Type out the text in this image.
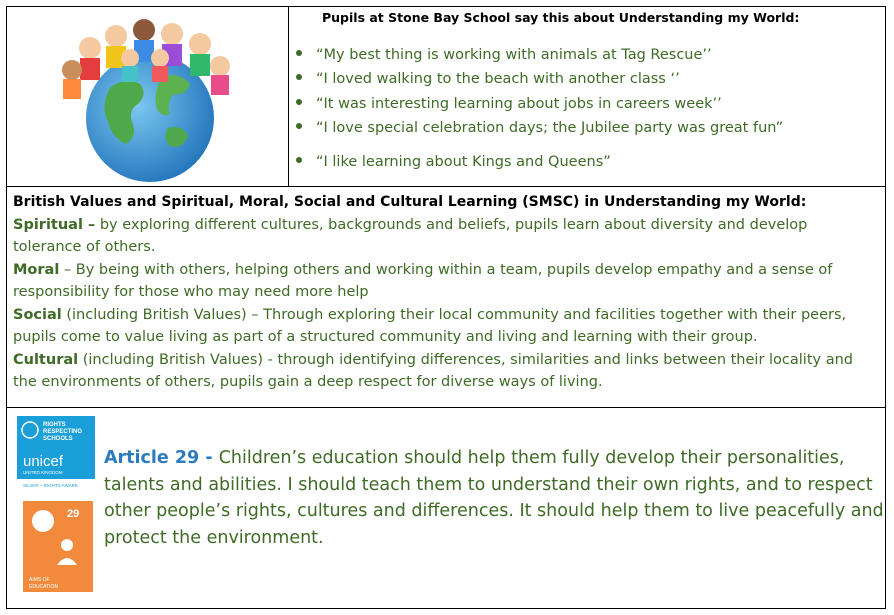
Pupils at Stone Bay School say this about Understanding my World:
“My best thing is working with animals at Tag Rescue’’
“I loved walking to the beach with another class ‘’
“It was interesting learning about jobs in careers week’’
“I love special celebration days; the Jubilee party was great fun”
“I like learning about Kings and Queens”
British Values and Spiritual, Moral, Social and Cultural Learning (SMSC) in Understanding my World:
Spiritual – by exploring different cultures, backgrounds and beliefs, pupils learn about diversity and develop tolerance of others.
Moral – By being with others, helping others and working within a team, pupils develop empathy and a sense of responsibility for those who may need more help
Social (including British Values) – Through exploring their local community and facilities together with their peers, pupils come to value living as part of a structured community and living and learning with their group.
Cultural (including British Values) - through identifying differences, similarities and links between their locality and the environments of others, pupils gain a deep respect for diverse ways of living.
RIGHTS
RESPECTING
SCHOOLS
unicef
UNITED KINGDOM
SILVER – RIGHTS AWARE
29
AIMS OF
EDUCATION
Article 29 - Children’s education should help them fully develop their personalities, talents and abilities. I should teach them to understand their own rights, and to respect other people’s rights, cultures and differences. It should help them to live peacefully and protect the environment.
